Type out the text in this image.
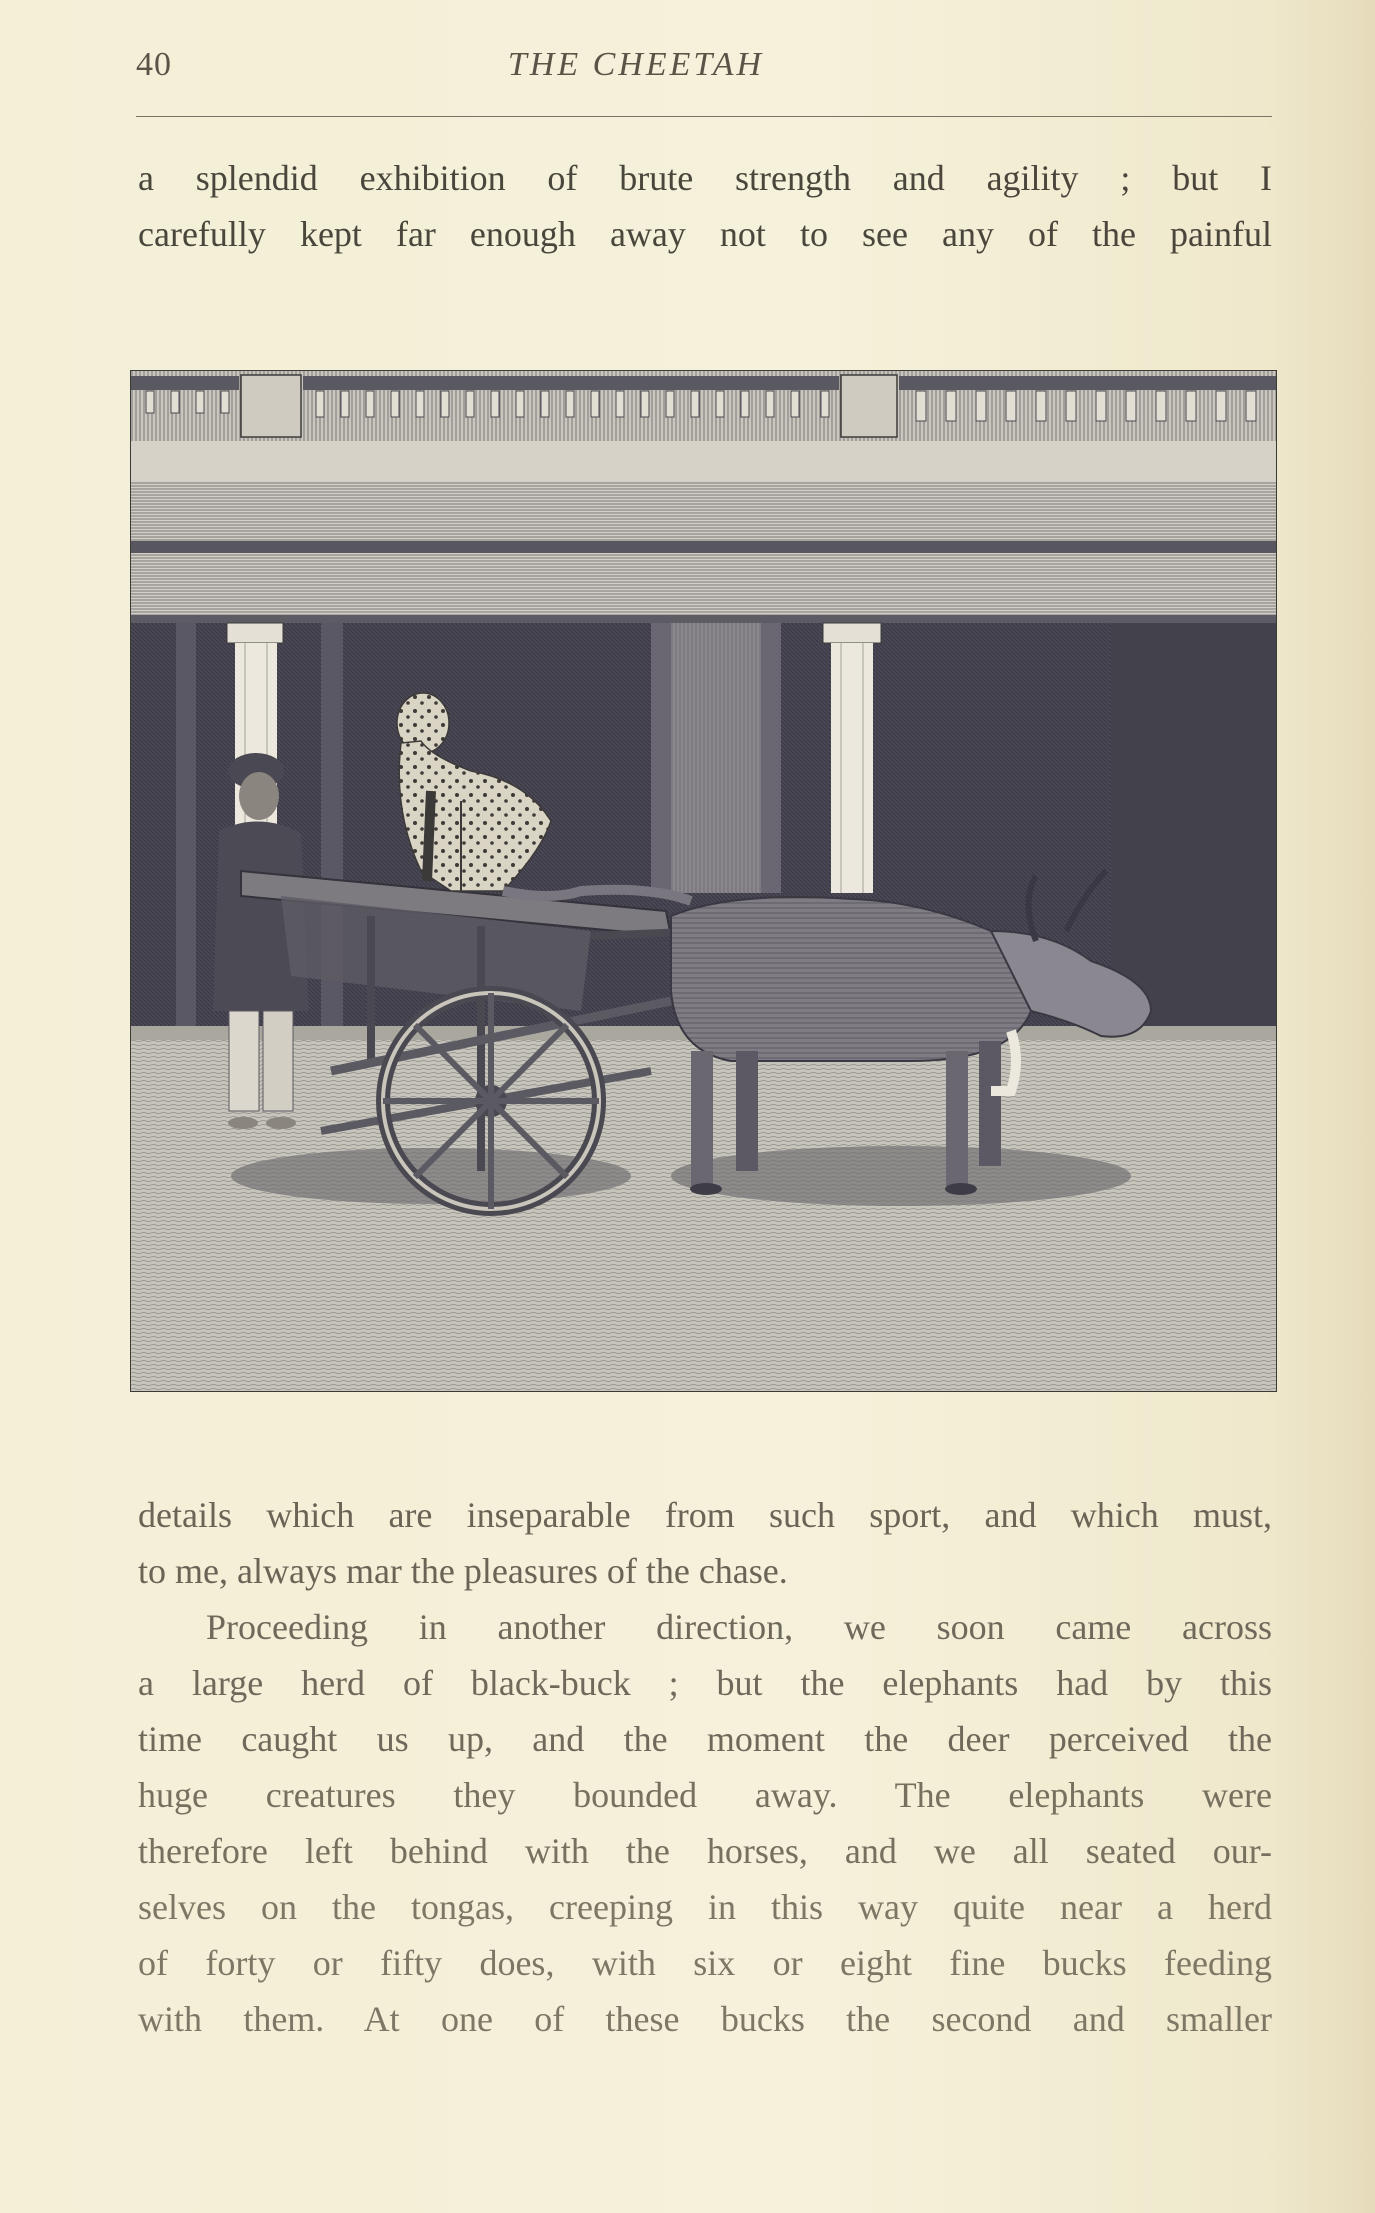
40	THE CHEETAH
a splendid exhibition of brute strength and agility ; but I
carefully kept far enough away not to see any of the painful
details which are inseparable from such sport, and which must,
to me, always mar the pleasures of the chase.
Proceeding in another direction, we soon came across
a large herd of black-buck ; but the elephants had by this
time caught us up, and the moment the deer perceived the
huge creatures they bounded away. The elephants were
therefore left behind with the horses, and we all seated our-
selves on the tongas, creeping in this way quite near a herd
of forty or fifty does, with six or eight fine bucks feeding
with them. At one of these bucks the second and smaller
